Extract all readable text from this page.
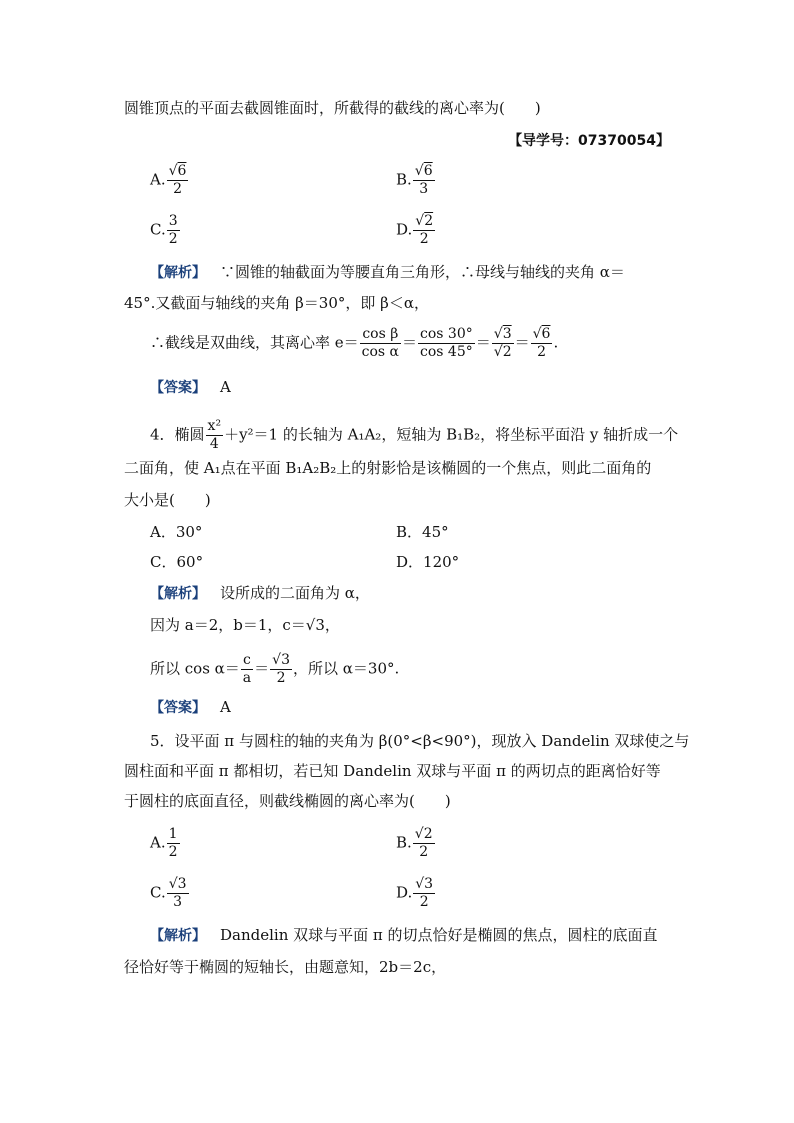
圆锥顶点的平面去截圆锥面时，所截得的截线的离心率为(　　)
【导学号：07370054】
A. $\frac{√6}{2}$	B. $\frac{√6}{3}$
C. $\frac{3}{2}$	D. $\frac{√2}{2}$
【解析】 ∵圆锥的轴截面为等腰直角三角形，∴母线与轴线的夹角 α＝
45°.又截面与轴线的夹角 β＝30°，即 β＜α，
∴截线是双曲线，其离心率 $e= \frac{\text{cos β}}{\text{cos α}} = \frac{\cos 30^\circ}{\cos 45^\circ} = \frac{√3}{√2} = \frac{√6}{2}$ .
【答案】 A
4．椭圆 $\frac{\text{x²}}{4} +y^2=1$ 的长轴为 A₁A₂，短轴为 B₁B₂，将坐标平面沿 y 轴折成一个
二面角，使 A₁点在平面 B₁A₂B₂上的射影恰是该椭圆的一个焦点，则此二面角的
大小是(　　)
A．30°	B．45°
C．60°	D．120°
【解析】 设所成的二面角为 α，
因为 a＝2，b＝1，c＝√3，
所以 $\cos \alpha= \frac{c}{a} = \frac{√3}{2}$ ，所以 α＝30°.
【答案】 A
5．设平面 π 与圆柱的轴的夹角为 β(0°<β<90°)，现放入 Dandelin 双球使之与
圆柱面和平面 π 都相切，若已知 Dandelin 双球与平面 π 的两切点的距离恰好等
于圆柱的底面直径，则截线椭圆的离心率为(　　)
A. $\frac{1}{2}$	B. $\frac{√2}{2}$
C. $\frac{√3}{3}$	D. $\frac{√3}{2}$
【解析】 Dandelin 双球与平面 π 的切点恰好是椭圆的焦点，圆柱的底面直
径恰好等于椭圆的短轴长，由题意知，2b＝2c，
